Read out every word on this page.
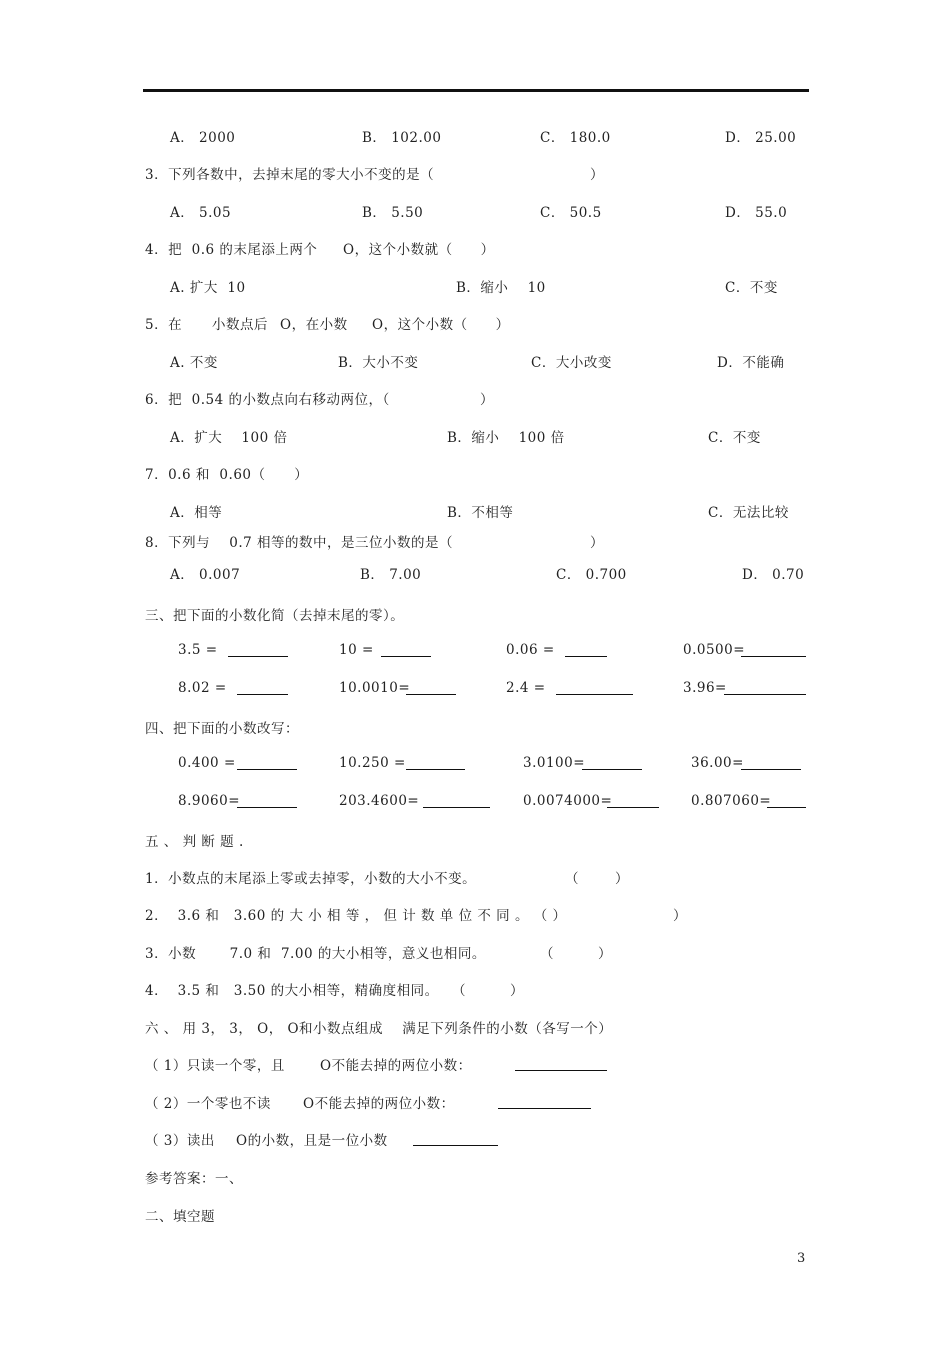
A． 2000	B． 102.00	C． 180.0	D． 25.00
3．下列各数中，去掉末尾的零大小不变的是（	）
A． 5.05	B． 5.50	C． 50.5	D． 55.0
4．把  0.6 的末尾添上两个 O，这个小数就（　　）
A. 扩大  10	B．缩小    10	C．不变
5．在 小数点后 O，在小数 O，这个小数（　　）
A. 不变	B．大小不变	C．大小改变	D．不能确
6．把  0.54 的小数点向右移动两位，（	）
A．扩大    100 倍	B．缩小    100 倍	C．不变
7．0.6 和  0.60（      ）
A．相等	B．不相等	C．无法比较
8．下列与    0.7 相等的数中，是三位小数的是（	）
A． 0.007	B． 7.00	C． 0.700	D． 0.70
三、把下面的小数化简（去掉末尾的零）。
3.5 =	10 =	0.06 =	0.0500=
8.02 =	10.0010=	2.4 =	3.96=
四、把下面的小数改写：
0.400 =	10.250 =	3.0100=	36.00=
8.9060=	203.4600=	0.0074000=	0.807060=
五 、 判 断 题 .
1．小数点的末尾添上零或去掉零，小数的大小不变。	（	）
2．  3.6 和   3.60 的 大 小 相 等 ， 但 计 数 单 位 不 同 。 （ ）	）
3．小数       7.0 和  7.00 的大小相等，意义也相同。	（	）
4．  3.5 和   3.50 的大小相等，精确度相同。 （	）
六 、 用 3， 3， O， O和小数点组成    满足下列条件的小数（各写一个）
（ 1）只读一个零，且	O不能去掉的两位小数：
（ 2）一个零也不读 O不能去掉的两位小数：
（ 3）读出 O的小数，且是一位小数
参考答案：一、
二、填空题
3
